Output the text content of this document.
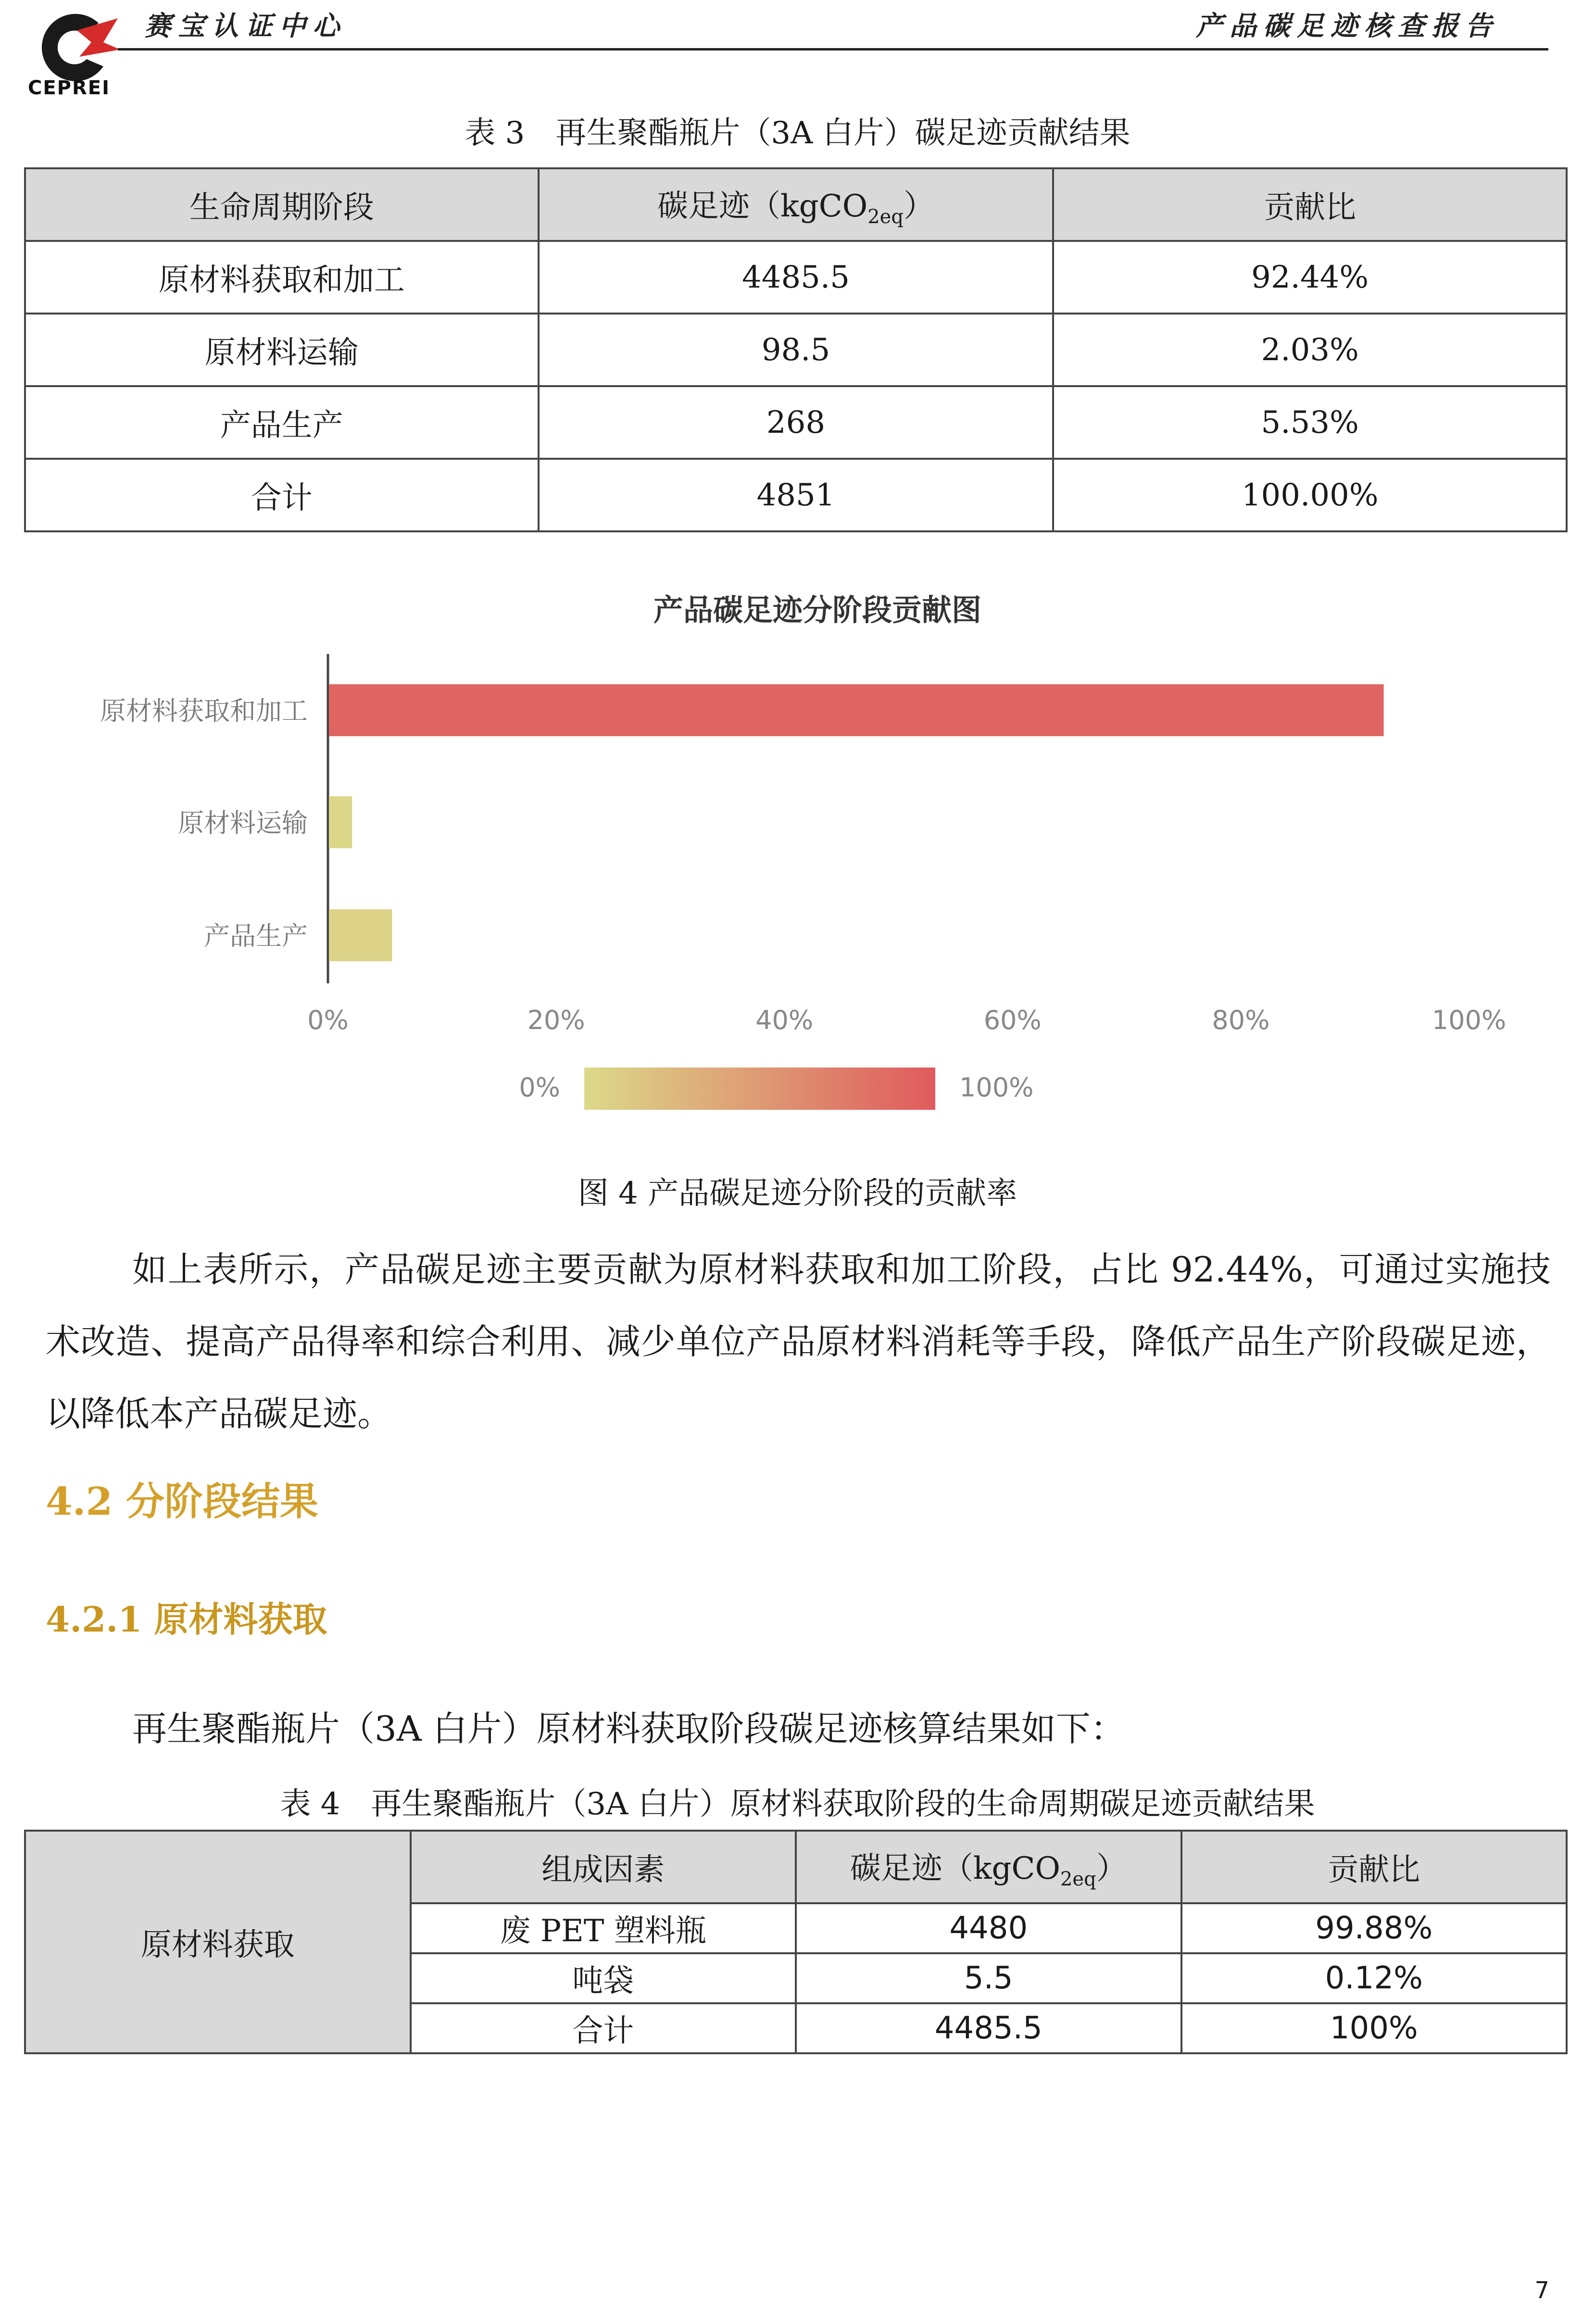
CEPREI
赛宝认证中心	产品碳足迹核查报告
表 3　再生聚酯瓶片（3A 白片）碳足迹贡献结果
生命周期阶段	碳足迹（kgCO$_{2eq}$）	贡献比
原材料获取和加工	4485.5	92.44%
原材料运输	98.5	2.03%
产品生产	268	5.53%
合计	4851	100.00%
产品碳足迹分阶段贡献图
原材料获取和加工
原材料运输
产品生产
0%	20%	40%	60%	80%	100%
0%	100%
图 4 产品碳足迹分阶段的贡献率
如上表所示，产品碳足迹主要贡献为原材料获取和加工阶段，占比 92.44%，可通过实施技术改造、提高产品得率和综合利用、减少单位产品原材料消耗等手段，降低产品生产阶段碳足迹，以降低本产品碳足迹。
4.2 分阶段结果
4.2.1 原材料获取
再生聚酯瓶片（3A 白片）原材料获取阶段碳足迹核算结果如下：
表 4　再生聚酯瓶片（3A 白片）原材料获取阶段的生命周期碳足迹贡献结果
原材料获取	组成因素	碳足迹（kgCO$_{2eq}$）	贡献比
	废 PET 塑料瓶	4480	99.88%
	吨袋	5.5	0.12%
	合计	4485.5	100%
7
